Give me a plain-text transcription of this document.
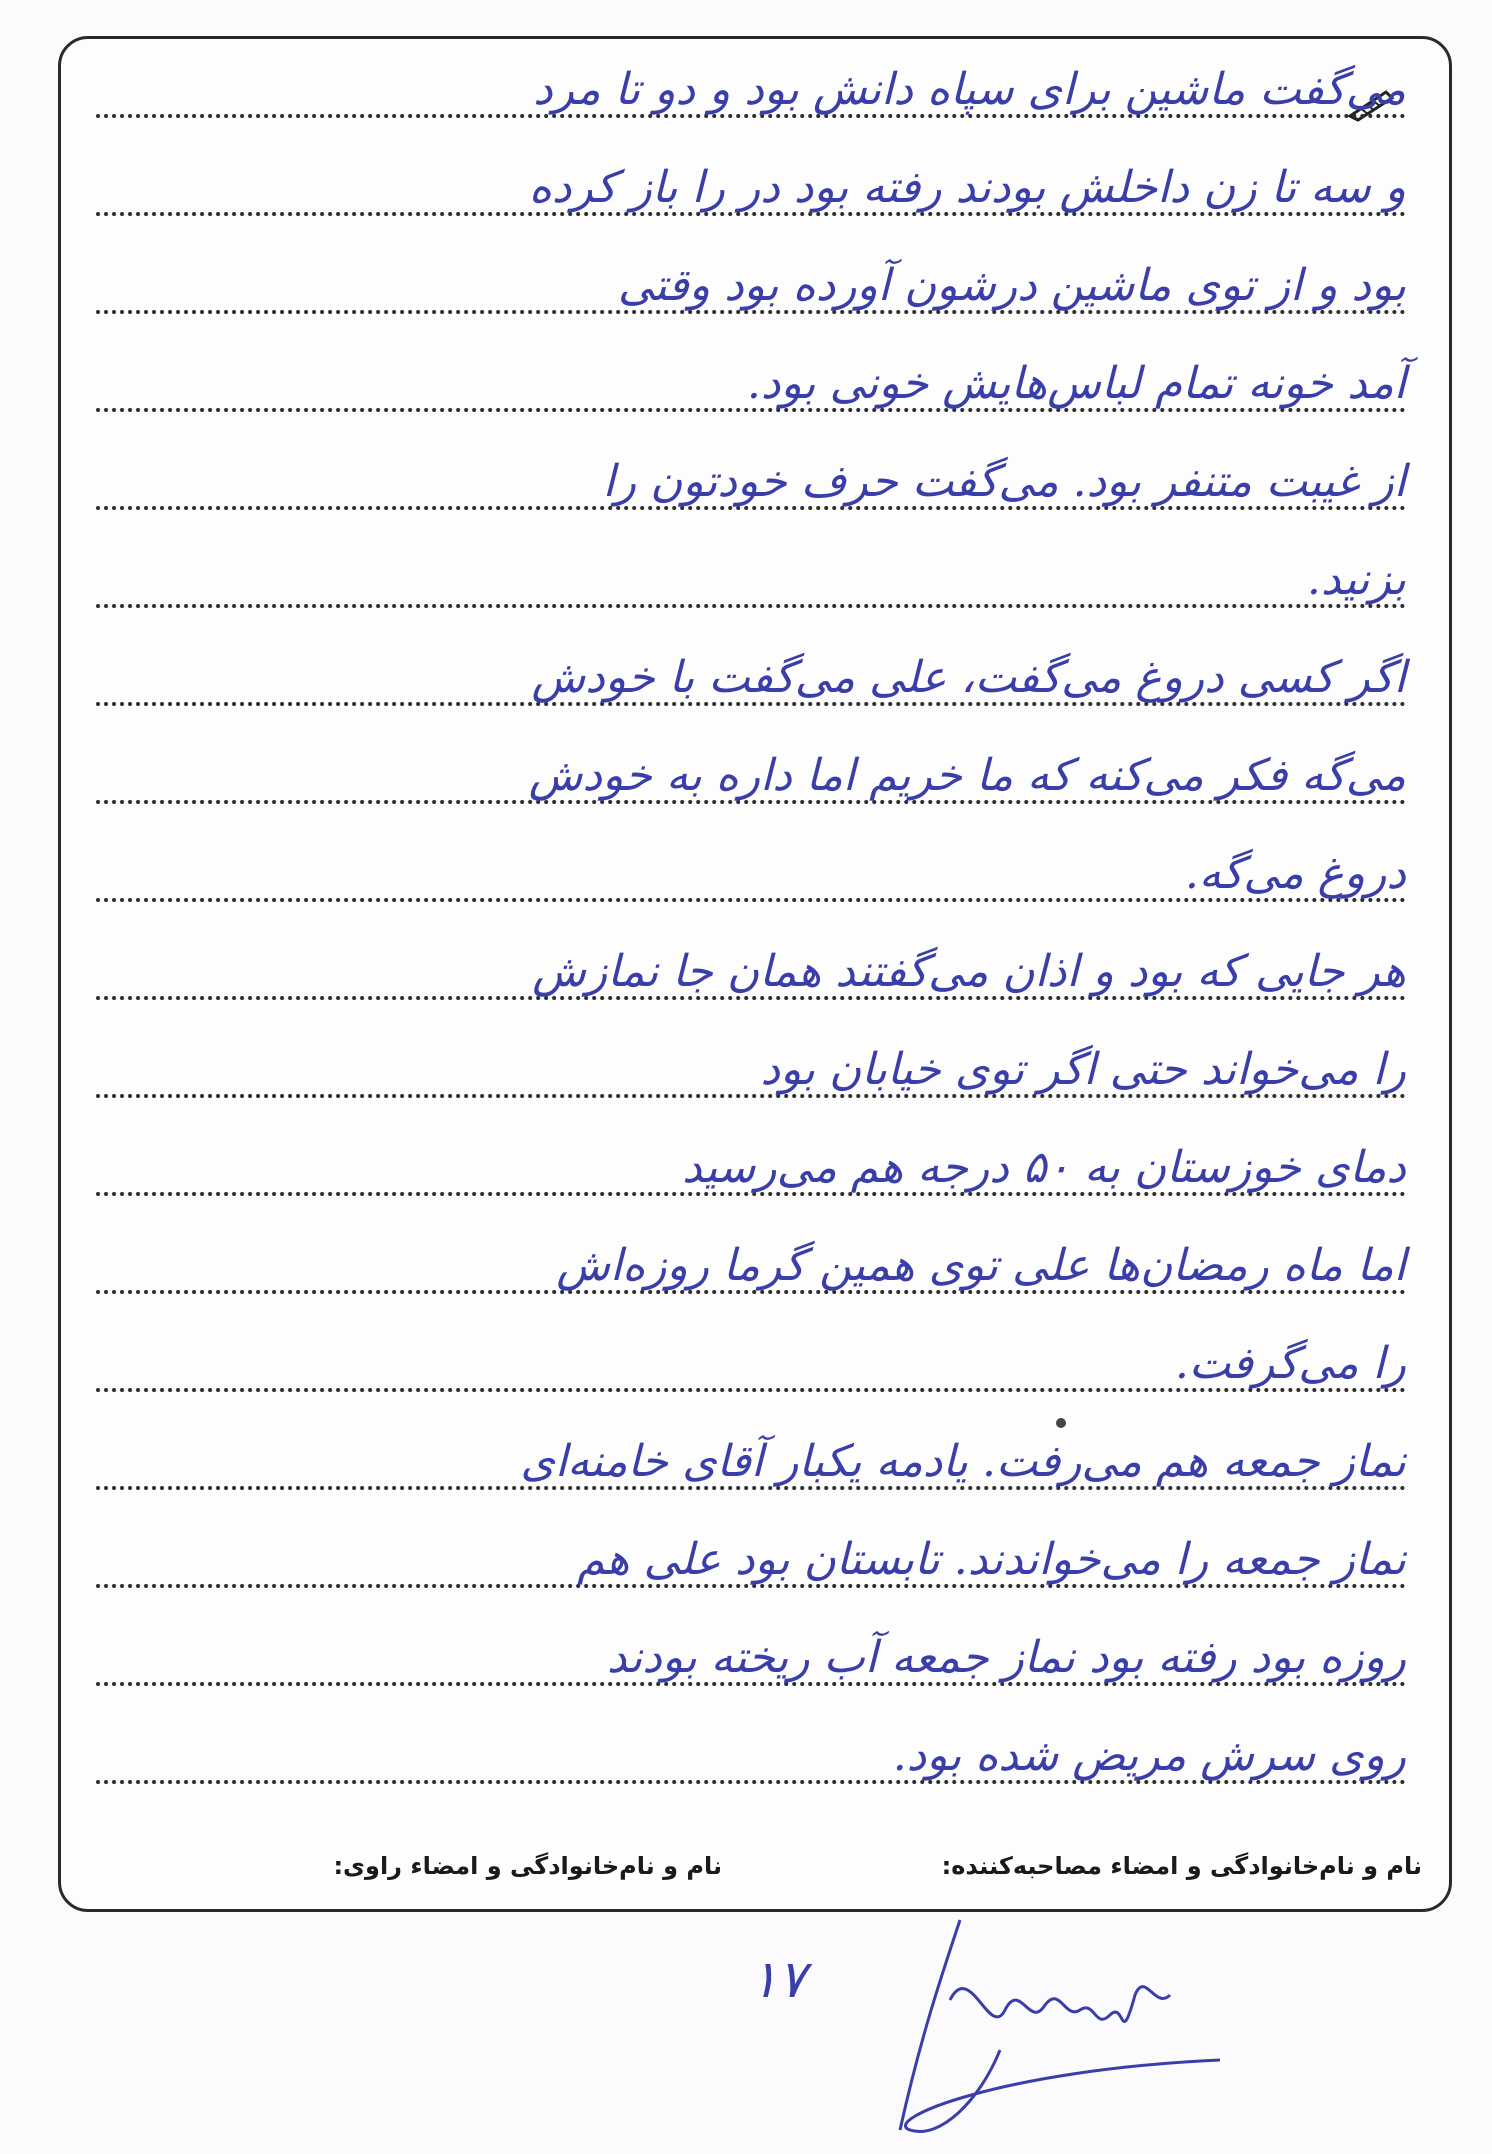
می‌گفت ماشین برای سپاه دانش بود و دو تا مرد
و سه تا زن داخلش بودند رفته بود در را باز کرده
بود و از توی ماشین درشون آورده بود وقتی
آمد خونه تمام لباس‌هایش خونی بود.
از غیبت متنفر بود. می‌گفت حرف خودتون را
بزنید.
اگر کسی دروغ می‌گفت، علی می‌گفت با خودش
می‌گه فکر می‌کنه که ما خریم اما داره به خودش
دروغ می‌گه.
هر جایی که بود و اذان می‌گفتند همان جا نمازش
را می‌خواند حتی اگر توی خیابان بود
دمای خوزستان به ۵۰ درجه هم می‌رسید
اما ماه رمضان‌ها علی توی همین گرما روزه‌اش
را می‌گرفت.
نماز جمعه هم می‌رفت. یادمه یکبار آقای خامنه‌ای
نماز جمعه را می‌خواندند. تابستان بود علی هم
روزه بود رفته بود نماز جمعه آب ریخته بودند
روی سرش مریض شده بود.
نام و نام‌خانوادگی و امضاء مصاحبه‌کننده:
نام و نام‌خانوادگی و امضاء راوی:
۱۷
